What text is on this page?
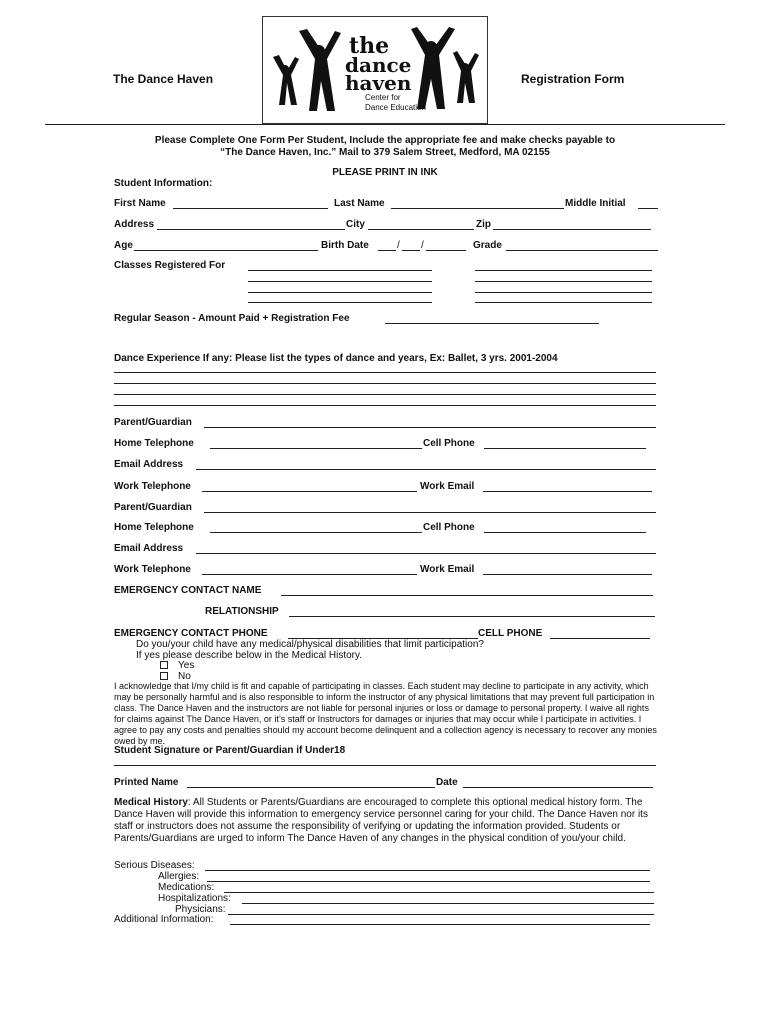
The Dance Haven	Registration Form
the
dance
haven
Center for
Dance Education
Please Complete One Form Per Student, Include the appropriate fee and make checks payable to
“The Dance Haven, Inc.” Mail to 379 Salem Street, Medford, MA 02155
PLEASE PRINT IN INK
Student Information:
First Name	Last Name	Middle Initial
Address	City	Zip
Age	Birth Date	/ /	Grade
Classes Registered For
Regular Season - Amount Paid + Registration Fee
Dance Experience If any: Please list the types of dance and years, Ex: Ballet, 3 yrs. 2001-2004
Parent/Guardian
Home Telephone	Cell Phone
Email Address
Work Telephone	Work Email
Parent/Guardian
Home Telephone	Cell Phone
Email Address
Work Telephone	Work Email
EMERGENCY CONTACT NAME
RELATIONSHIP
EMERGENCY CONTACT PHONE	CELL PHONE
Do you/your child have any medical/physical disabilities that limit participation?
If yes please describe below in the Medical History.
Yes
No
I acknowledge that I/my child is fit and capable of participating in classes. Each student may decline to participate in any activity, which may be personally harmful and is also responsible to inform the instructor of any physical limitations that may prevent full participation in class. The Dance Haven and the instructors are not liable for personal injuries or loss or damage to personal property. I waive all rights for claims against The Dance Haven, or it’s staff or Instructors for damages or injuries that may occur while I participate in activities. I agree to pay any costs and penalties should my account become delinquent and a collection agency is necessary to recover any monies owed by me.
Student Signature or Parent/Guardian if Under18
Printed Name	Date
Medical History: All Students or Parents/Guardians are encouraged to complete this optional medical history form. The Dance Haven will provide this information to emergency service personnel caring for your child. The Dance Haven nor its staff or instructors does not assume the responsibility of verifying or updating the information provided. Students or Parents/Guardians are urged to inform The Dance Haven of any changes in the physical condition of you/your child.
Serious Diseases:
Allergies:
Medications:
Hospitalizations:
Physicians:
Additional Information:
